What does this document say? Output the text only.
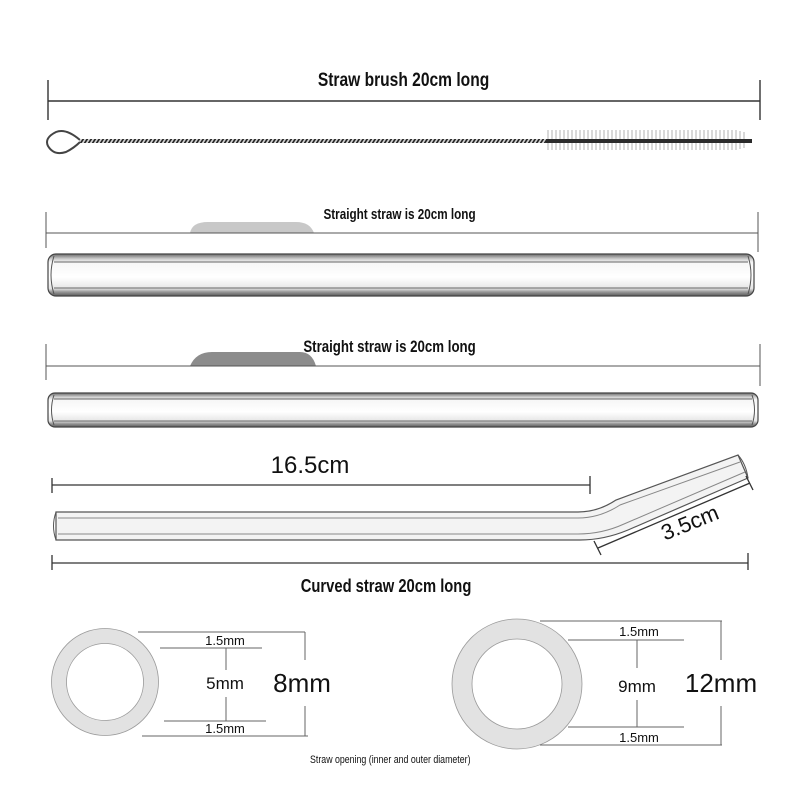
Straw brush 20cm long
Straight straw is 20cm long
Straight straw is 20cm long
16.5cm
3.5cm
Curved straw 20cm long
1.5mm
5mm
1.5mm
8mm
1.5mm
9mm
1.5mm
12mm
Straw opening (inner and outer diameter)
